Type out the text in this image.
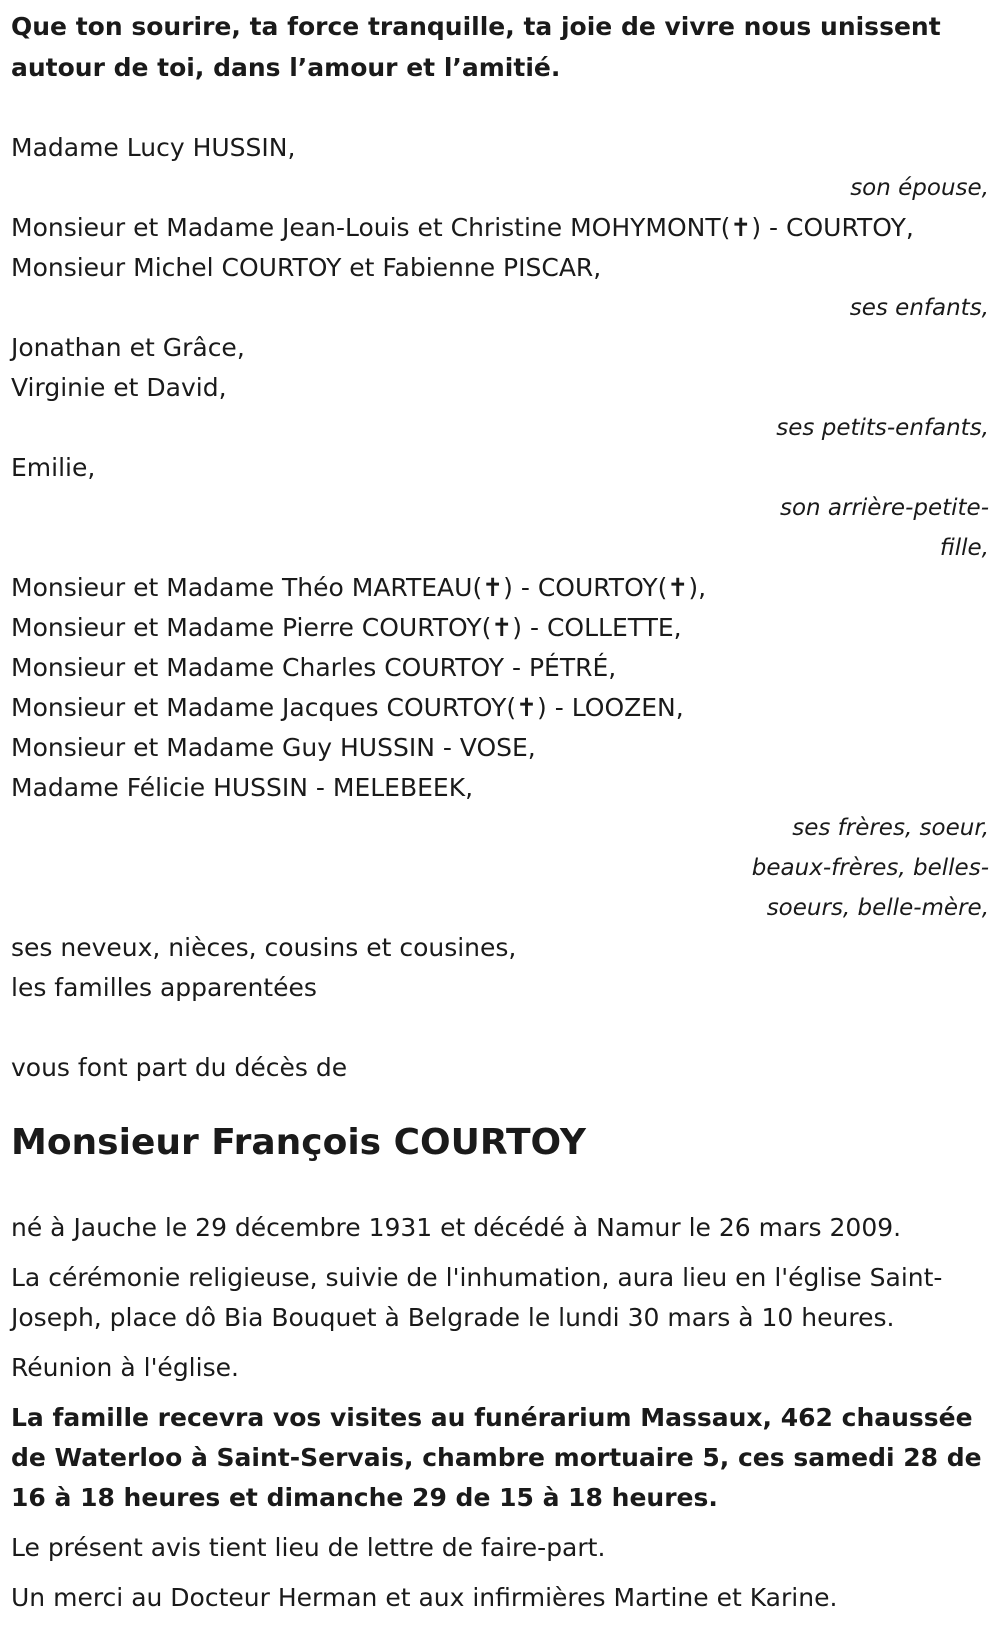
Que ton sourire, ta force tranquille, ta joie de vivre nous unissent autour de toi, dans l’amour et l’amitié.

Madame Lucy HUSSIN,

son épouse,

Monsieur et Madame Jean-Louis et Christine MOHYMONT(✝) - COURTOY,

Monsieur Michel COURTOY et Fabienne PISCAR,

ses enfants,

Jonathan et Grâce,

Virginie et David,

ses petits-enfants,

Emilie,

son arrière-petite-

fille,

Monsieur et Madame Théo MARTEAU(✝) - COURTOY(✝),

Monsieur et Madame Pierre COURTOY(✝) - COLLETTE,

Monsieur et Madame Charles COURTOY - PÉTRÉ,

Monsieur et Madame Jacques COURTOY(✝) - LOOZEN,

Monsieur et Madame Guy HUSSIN - VOSE,

Madame Félicie HUSSIN - MELEBEEK,

ses frères, soeur,

beaux-frères, belles-

soeurs, belle-mère,

ses neveux, nièces, cousins et cousines,

les familles apparentées

vous font part du décès de

Monsieur François COURTOY

né à Jauche le 29 décembre 1931 et décédé à Namur le 26 mars 2009.

La cérémonie religieuse, suivie de l'inhumation, aura lieu en l'église Saint-Joseph, place dô Bia Bouquet à Belgrade le lundi 30 mars à 10 heures.

Réunion à l'église.

La famille recevra vos visites au funérarium Massaux, 462 chaussée de Waterloo à Saint-Servais, chambre mortuaire 5, ces samedi 28 de 16 à 18 heures et dimanche 29 de 15 à 18 heures.

Le présent avis tient lieu de lettre de faire-part.

Un merci au Docteur Herman et aux infirmières Martine et Karine.
